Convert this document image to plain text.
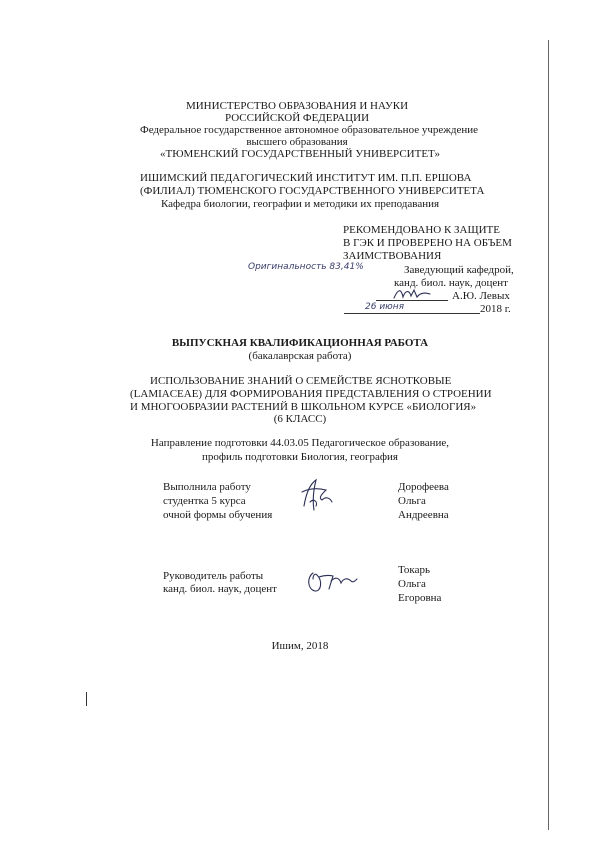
МИНИСТЕРСТВО ОБРАЗОВАНИЯ И НАУКИ
РОССИЙСКОЙ ФЕДЕРАЦИИ
Федеральное государственное автономное образовательное учреждение
высшего образования
«ТЮМЕНСКИЙ ГОСУДАРСТВЕННЫЙ УНИВЕРСИТЕТ»
ИШИМСКИЙ ПЕДАГОГИЧЕСКИЙ ИНСТИТУТ ИМ. П.П. ЕРШОВА
(ФИЛИАЛ) ТЮМЕНСКОГО ГОСУДАРСТВЕННОГО УНИВЕРСИТЕТА
Кафедра биологии, географии и методики их преподавания
РЕКОМЕНДОВАНО К ЗАЩИТЕ
В ГЭК И ПРОВЕРЕНО НА ОБЪЕМ
ЗАИМСТВОВАНИЯ
Оригинальность 83,41%	Заведующий кафедрой,
канд. биол. наук, доцент
А.Ю. Левых
26 июня	2018 г.
ВЫПУСКНАЯ КВАЛИФИКАЦИОННАЯ РАБОТА
(бакалаврская работа)
ИСПОЛЬЗОВАНИЕ ЗНАНИЙ О СЕМЕЙСТВЕ ЯСНОТКОВЫЕ
(LAMIACEAE) ДЛЯ ФОРМИРОВАНИЯ ПРЕДСТАВЛЕНИЯ О СТРОЕНИИ
И МНОГООБРАЗИИ РАСТЕНИЙ В ШКОЛЬНОМ КУРСЕ «БИОЛОГИЯ»
(6 КЛАСС)
Направление подготовки 44.03.05 Педагогическое образование,
профиль подготовки Биология, география
Выполнила работу
студентка 5 курса
очной формы обучения
Дорофеева
Ольга
Андреевна
Руководитель работы
канд. биол. наук, доцент
Токарь
Ольга
Егоровна
Ишим, 2018
